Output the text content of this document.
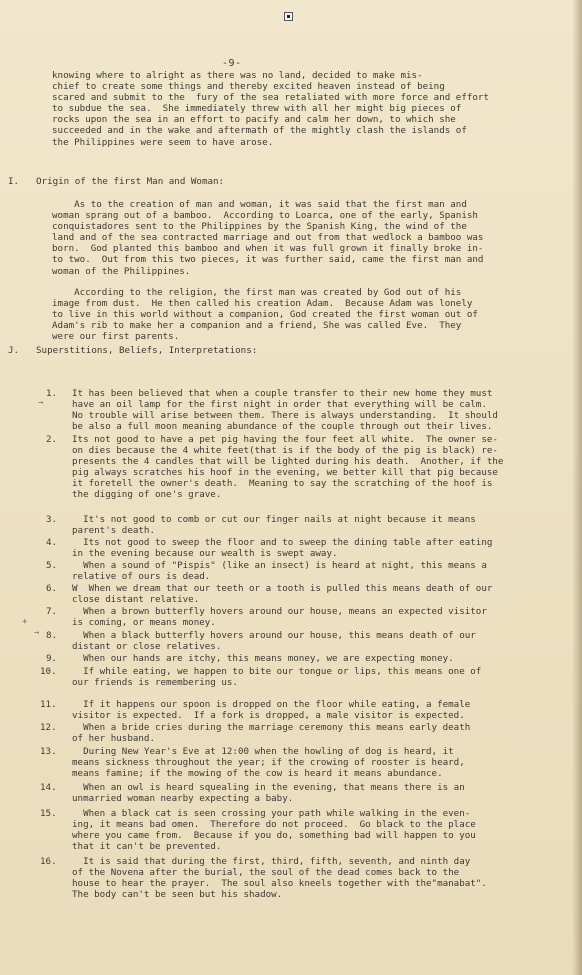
-9-
knowing where to alright as there was no land, decided to make mis-
chief to create some things and thereby excited heaven instead of being
scared and submit to the  fury of the sea retaliated with more force and effort
to subdue the sea.  She immediately threw with all her might big pieces of
rocks upon the sea in an effort to pacify and calm her down, to which she
succeeded and in the wake and aftermath of the mightly clash the islands of
the Philippines were seem to have arose.
I. Origin of the first Man and Woman:
As to the creation of man and woman, it was said that the first man and
woman sprang out of a bamboo.  According to Loarca, one of the early, Spanish
conquistadores sent to the Philippines by the Spanish King, the wind of the
land and of the sea contracted marriage and out from that wedlock a bamboo was
born.  God planted this bamboo and when it was full grown it finally broke in-
to two.  Out from this two pieces, it was further said, came the first man and
woman of the Philippines.
According to the religion, the first man was created by God out of his
image from dust.  He then called his creation Adam.  Because Adam was lonely
to live in this world without a companion, God created the first woman out of
Adam's rib to make her a companion and a friend, She was called Eve.  They
were our first parents.
J. Superstitions, Beliefs, Interpretations:
1. It has been believed that when a couple transfer to their new home they must
have an oil lamp for the first night in order that everything will be calm.
No trouble will arise between them. There is always understanding.  It should
be also a full moon meaning abundance of the couple through out their lives.
2. Its not good to have a pet pig having the four feet all white.  The owner se-
on dies because the 4 white feet(that is if the body of the pig is black) re-
presents the 4 candles that will be lighted during his death.  Another, if the
pig always scratches his hoof in the evening, we better kill that pig because
it foretell the owner's death.  Meaning to say the scratching of the hoof is
the digging of one's grave.
3. It's not good to comb or cut our finger nails at night because it means
parent's death.
4. Its not good to sweep the floor and to sweep the dining table after eating
in the evening because our wealth is swept away.
5. When a sound of "Pispis" (like an insect) is heard at night, this means a
relative of ours is dead.
6. W  When we dream that our teeth or a tooth is pulled this means death of our
close distant relative.
7. When a brown butterfly hovers around our house, means an expected visitor
is coming, or means money.
8. When a black butterfly hovers around our house, this means death of our
distant or close relatives.
9. When our hands are itchy, this means money, we are expecting money.
10. If while eating, we happen to bite our tongue or lips, this means one of
our friends is remembering us.
11. If it happens our spoon is dropped on the floor while eating, a female
visitor is expected.  If a fork is dropped, a male visitor is expected.
12. When a bride cries during the marriage ceremony this means early death
of her husband.
13. During New Year's Eve at 12:00 when the howling of dog is heard, it
means sickness throughout the year; if the crowing of rooster is heard,
means famine; if the mowing of the cow is heard it means abundance.
14. When an owl is heard squealing in the evening, that means there is an
unmarried woman nearby expecting a baby.
15. When a black cat is seen crossing your path while walking in the even-
ing, it means bad omen.  Therefore do not proceed.  Go black to the place
where you came from.  Because if you do, something bad will happen to you
that it can't be prevented.
16. It is said that during the first, third, fifth, seventh, and ninth day
of the Novena after the burial, the soul of the dead comes back to the
house to hear the prayer.  The soul also kneels together with the"manabat".
The body can't be seen but his shadow.
→
+
→
